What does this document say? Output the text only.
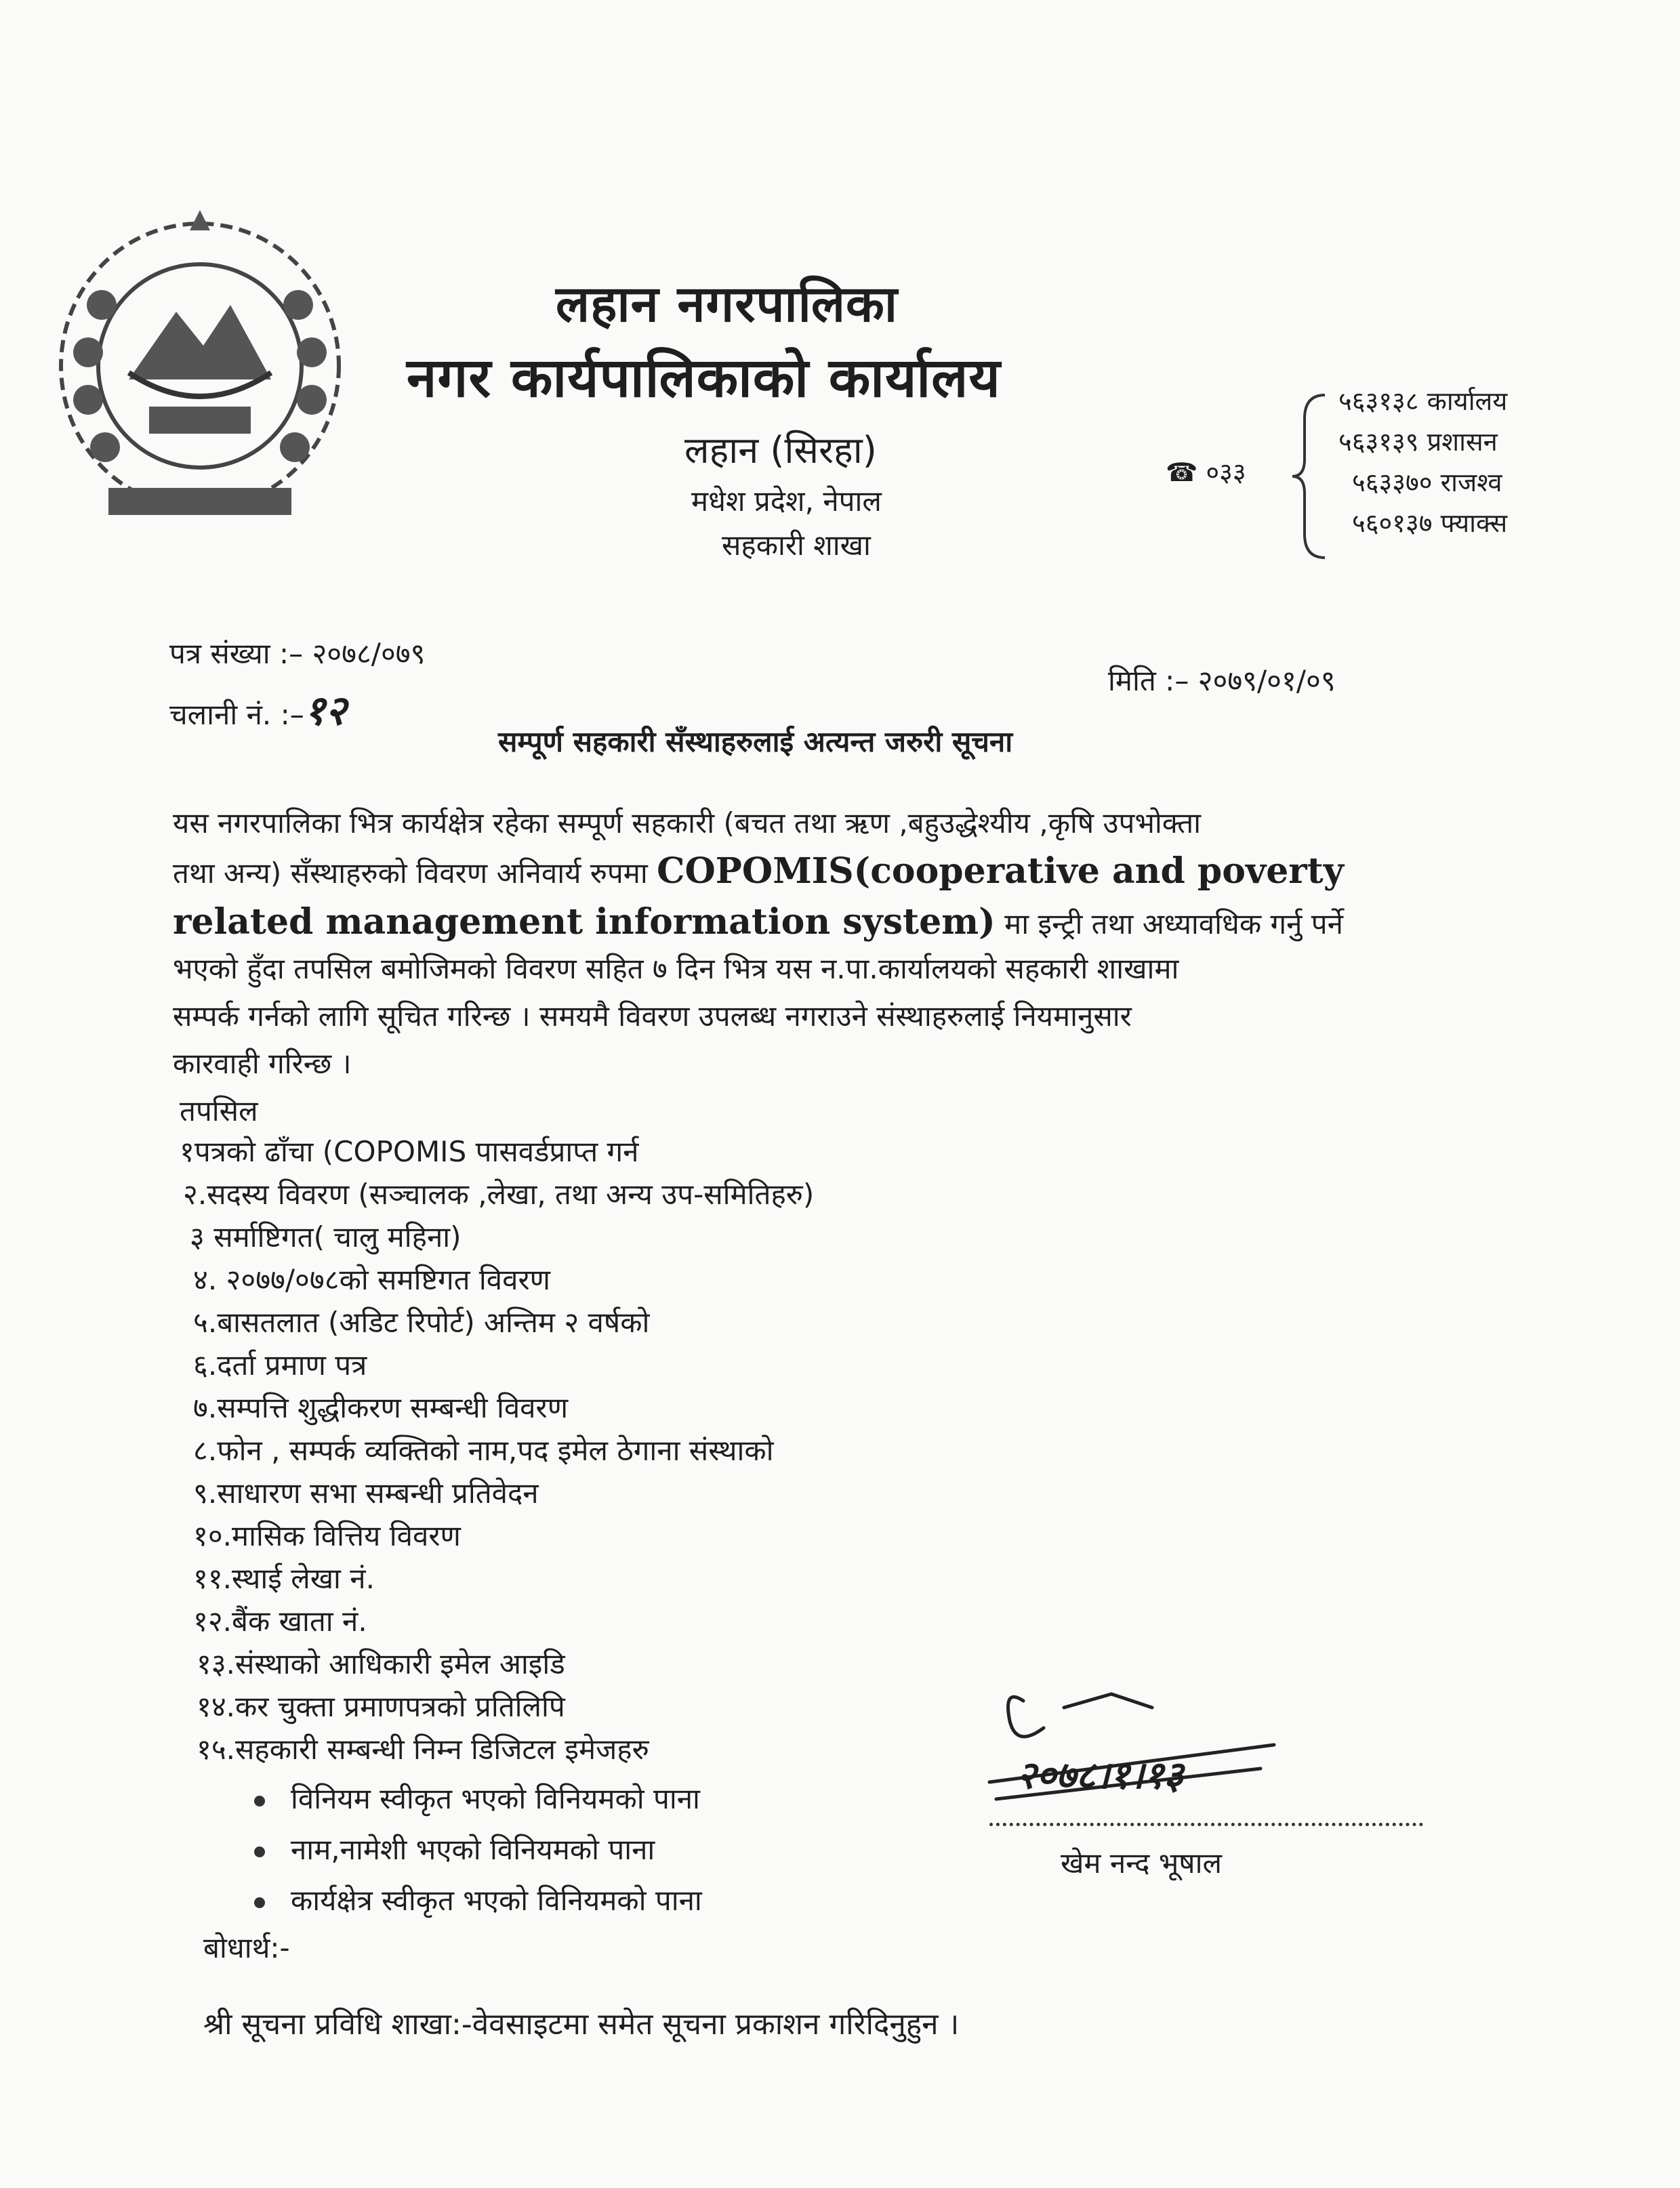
लहान नगरपालिका
नगर कार्यपालिकाको कार्यालय
लहान (सिरहा)
मधेश प्रदेश, नेपाल
सहकारी शाखा
☎ ०३३
५६३१३८ कार्यालय
५६३१३९ प्रशासन
५६३३७० राजश्व
५६०१३७ फ्याक्स
पत्र संख्या :– २०७८/०७९
चलानी नं. :–१२
मिति :– २०७९/०१/०९
सम्पूर्ण सहकारी सँस्थाहरुलाई अत्यन्त जरुरी सूचना
यस नगरपालिका भित्र कार्यक्षेत्र रहेका सम्पूर्ण सहकारी (बचत तथा ऋण ,बहुउद्धेश्यीय ,कृषि उपभोक्ता
तथा अन्य) सँस्थाहरुको विवरण अनिवार्य रुपमा COPOMIS(cooperative and poverty
related management information system) मा इन्ट्री तथा अध्यावधिक गर्नु पर्ने
भएको हुँदा तपसिल बमोजिमको विवरण सहित ७ दिन भित्र यस न.पा.कार्यालयको सहकारी शाखामा
सम्पर्क गर्नको लागि सूचित गरिन्छ । समयमै विवरण उपलब्ध नगराउने संस्थाहरुलाई नियमानुसार
कारवाही गरिन्छ ।
तपसिल
१पत्रको ढाँचा (COPOMIS पासवर्डप्राप्त गर्न
२.सदस्य विवरण (सञ्चालक ,लेखा, तथा अन्य उप-समितिहरु)
३ सर्माष्टिगत( चालु महिना)
४. २०७७/०७८को समष्टिगत विवरण
५.बासतलात (अडिट रिपोर्ट) अन्तिम २ वर्षको
६.दर्ता प्रमाण पत्र
७.सम्पत्ति शुद्धीकरण सम्बन्धी विवरण
८.फोन , सम्पर्क व्यक्तिको नाम,पद इमेल ठेगाना संस्थाको
९.साधारण सभा सम्बन्धी प्रतिवेदन
१०.मासिक वित्तिय विवरण
११.स्थाई लेखा नं.
१२.बैंक खाता नं.
१३.संस्थाको आधिकारी इमेल आइडि
१४.कर चुक्ता प्रमाणपत्रको प्रतिलिपि
१५.सहकारी सम्बन्धी निम्न डिजिटल इमेजहरु
विनियम स्वीकृत भएको विनियमको पाना
नाम,नामेशी भएको विनियमको पाना
कार्यक्षेत्र स्वीकृत भएको विनियमको पाना
२०७८।१।१३
खेम नन्द भूषाल
बोधार्थ:-
श्री सूचना प्रविधि शाखा:-वेवसाइटमा समेत सूचना प्रकाशन गरिदिनुहुन ।
